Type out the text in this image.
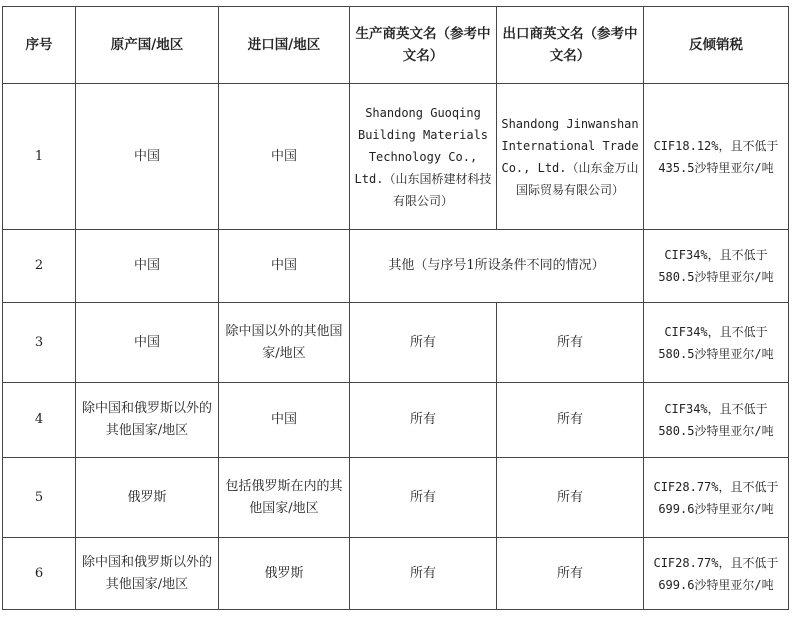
序号	原产国/地区	进口国/地区	生产商英文名（参考中文名）	出口商英文名（参考中文名）	反倾销税
1	中国	中国	Shandong Guoqing Building Materials Technology Co., Ltd.（山东国桥建材科技有限公司）	Shandong Jinwanshan International Trade Co., Ltd.（山东金万山国际贸易有限公司）	CIF18.12%，且不低于435.5沙特里亚尔/吨
2	中国	中国	其他（与序号1所设条件不同的情况）		CIF34%，且不低于580.5沙特里亚尔/吨
3	中国	除中国以外的其他国家/地区	所有	所有	CIF34%，且不低于580.5沙特里亚尔/吨
4	除中国和俄罗斯以外的其他国家/地区	中国	所有	所有	CIF34%，且不低于580.5沙特里亚尔/吨
5	俄罗斯	包括俄罗斯在内的其他国家/地区	所有	所有	CIF28.77%，且不低于699.6沙特里亚尔/吨
6	除中国和俄罗斯以外的其他国家/地区	俄罗斯	所有	所有	CIF28.77%，且不低于699.6沙特里亚尔/吨
